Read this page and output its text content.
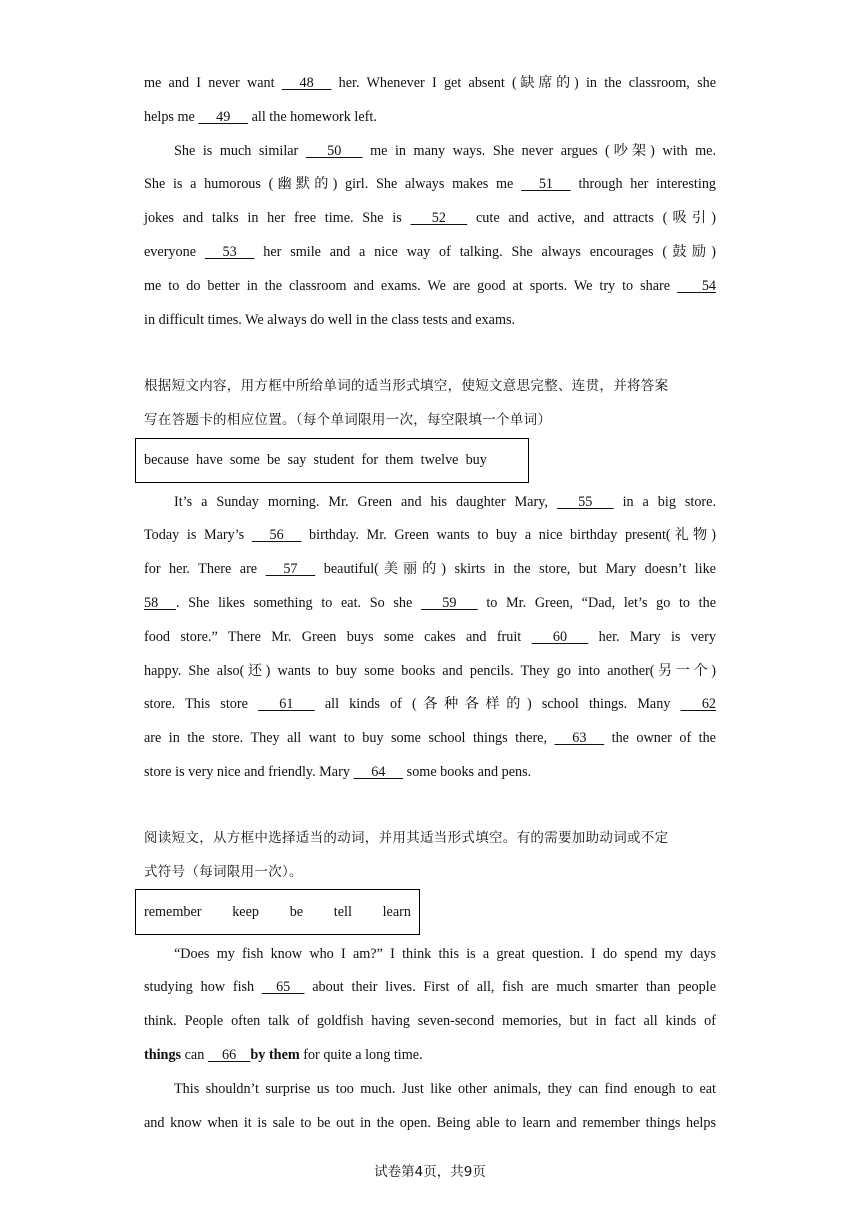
me and I never want      48      her. Whenever I get absent (缺席的) in the classroom, she
helps me      49      all the homework left.
She is much similar       50       me in many ways. She never argues (吵架) with me.
She is a humorous (幽默的) girl. She always makes me      51      through her interesting
jokes and talks in her free time. She is       52       cute and active, and attracts (吸引)
everyone      53      her smile and a nice way of talking. She always encourages (鼓励)
me to do better in the classroom and exams. We are good at sports. We try to share        54
in difficult times. We always do well in the class tests and exams.
根据短文内容，用方框中所给单词的适当形式填空，使短文意思完整、连贯，并将答案
写在答题卡的相应位置。（每个单词限用一次，每空限填一个单词）
because
have
some
be
say
student
for
them
twelve
buy
It’s a Sunday morning. Mr. Green and his daughter Mary,       55       in a big store.
Today is Mary’s      56      birthday. Mr. Green wants to buy a nice birthday present(礼物)
for her. There are      57      beautiful(美丽的) skirts in the store, but Mary doesn’t like
58     . She likes something to eat. So she       59       to Mr. Green, “Dad, let’s go to the
food store.” There Mr. Green buys some cakes and fruit       60       her. Mary is very
happy. She also(还) wants to buy some books and pencils. They go into another(另一个)
store. This store       61       all kinds of (各种各样的) school things. Many       62
are in the store. They all want to buy some school things there,      63      the owner of the
store is very nice and friendly. Mary      64      some books and pens.
阅读短文，从方框中选择适当的动词，并用其适当形式填空。有的需要加助动词或不定
式符号（每词限用一次）。
remember keep be tell learn
“Does my fish know who I am?” I think this is a great question. I do spend my days
studying how fish     65     about their lives. First of all, fish are much smarter than people
think. People often talk of goldfish having seven-second memories, but in fact all kinds of
things can     66    by them for quite a long time.
This shouldn’t surprise us too much. Just like other animals, they can find enough to eat
and know when it is sale to be out in the open. Being able to learn and remember things helps
试卷第4页，共9页
